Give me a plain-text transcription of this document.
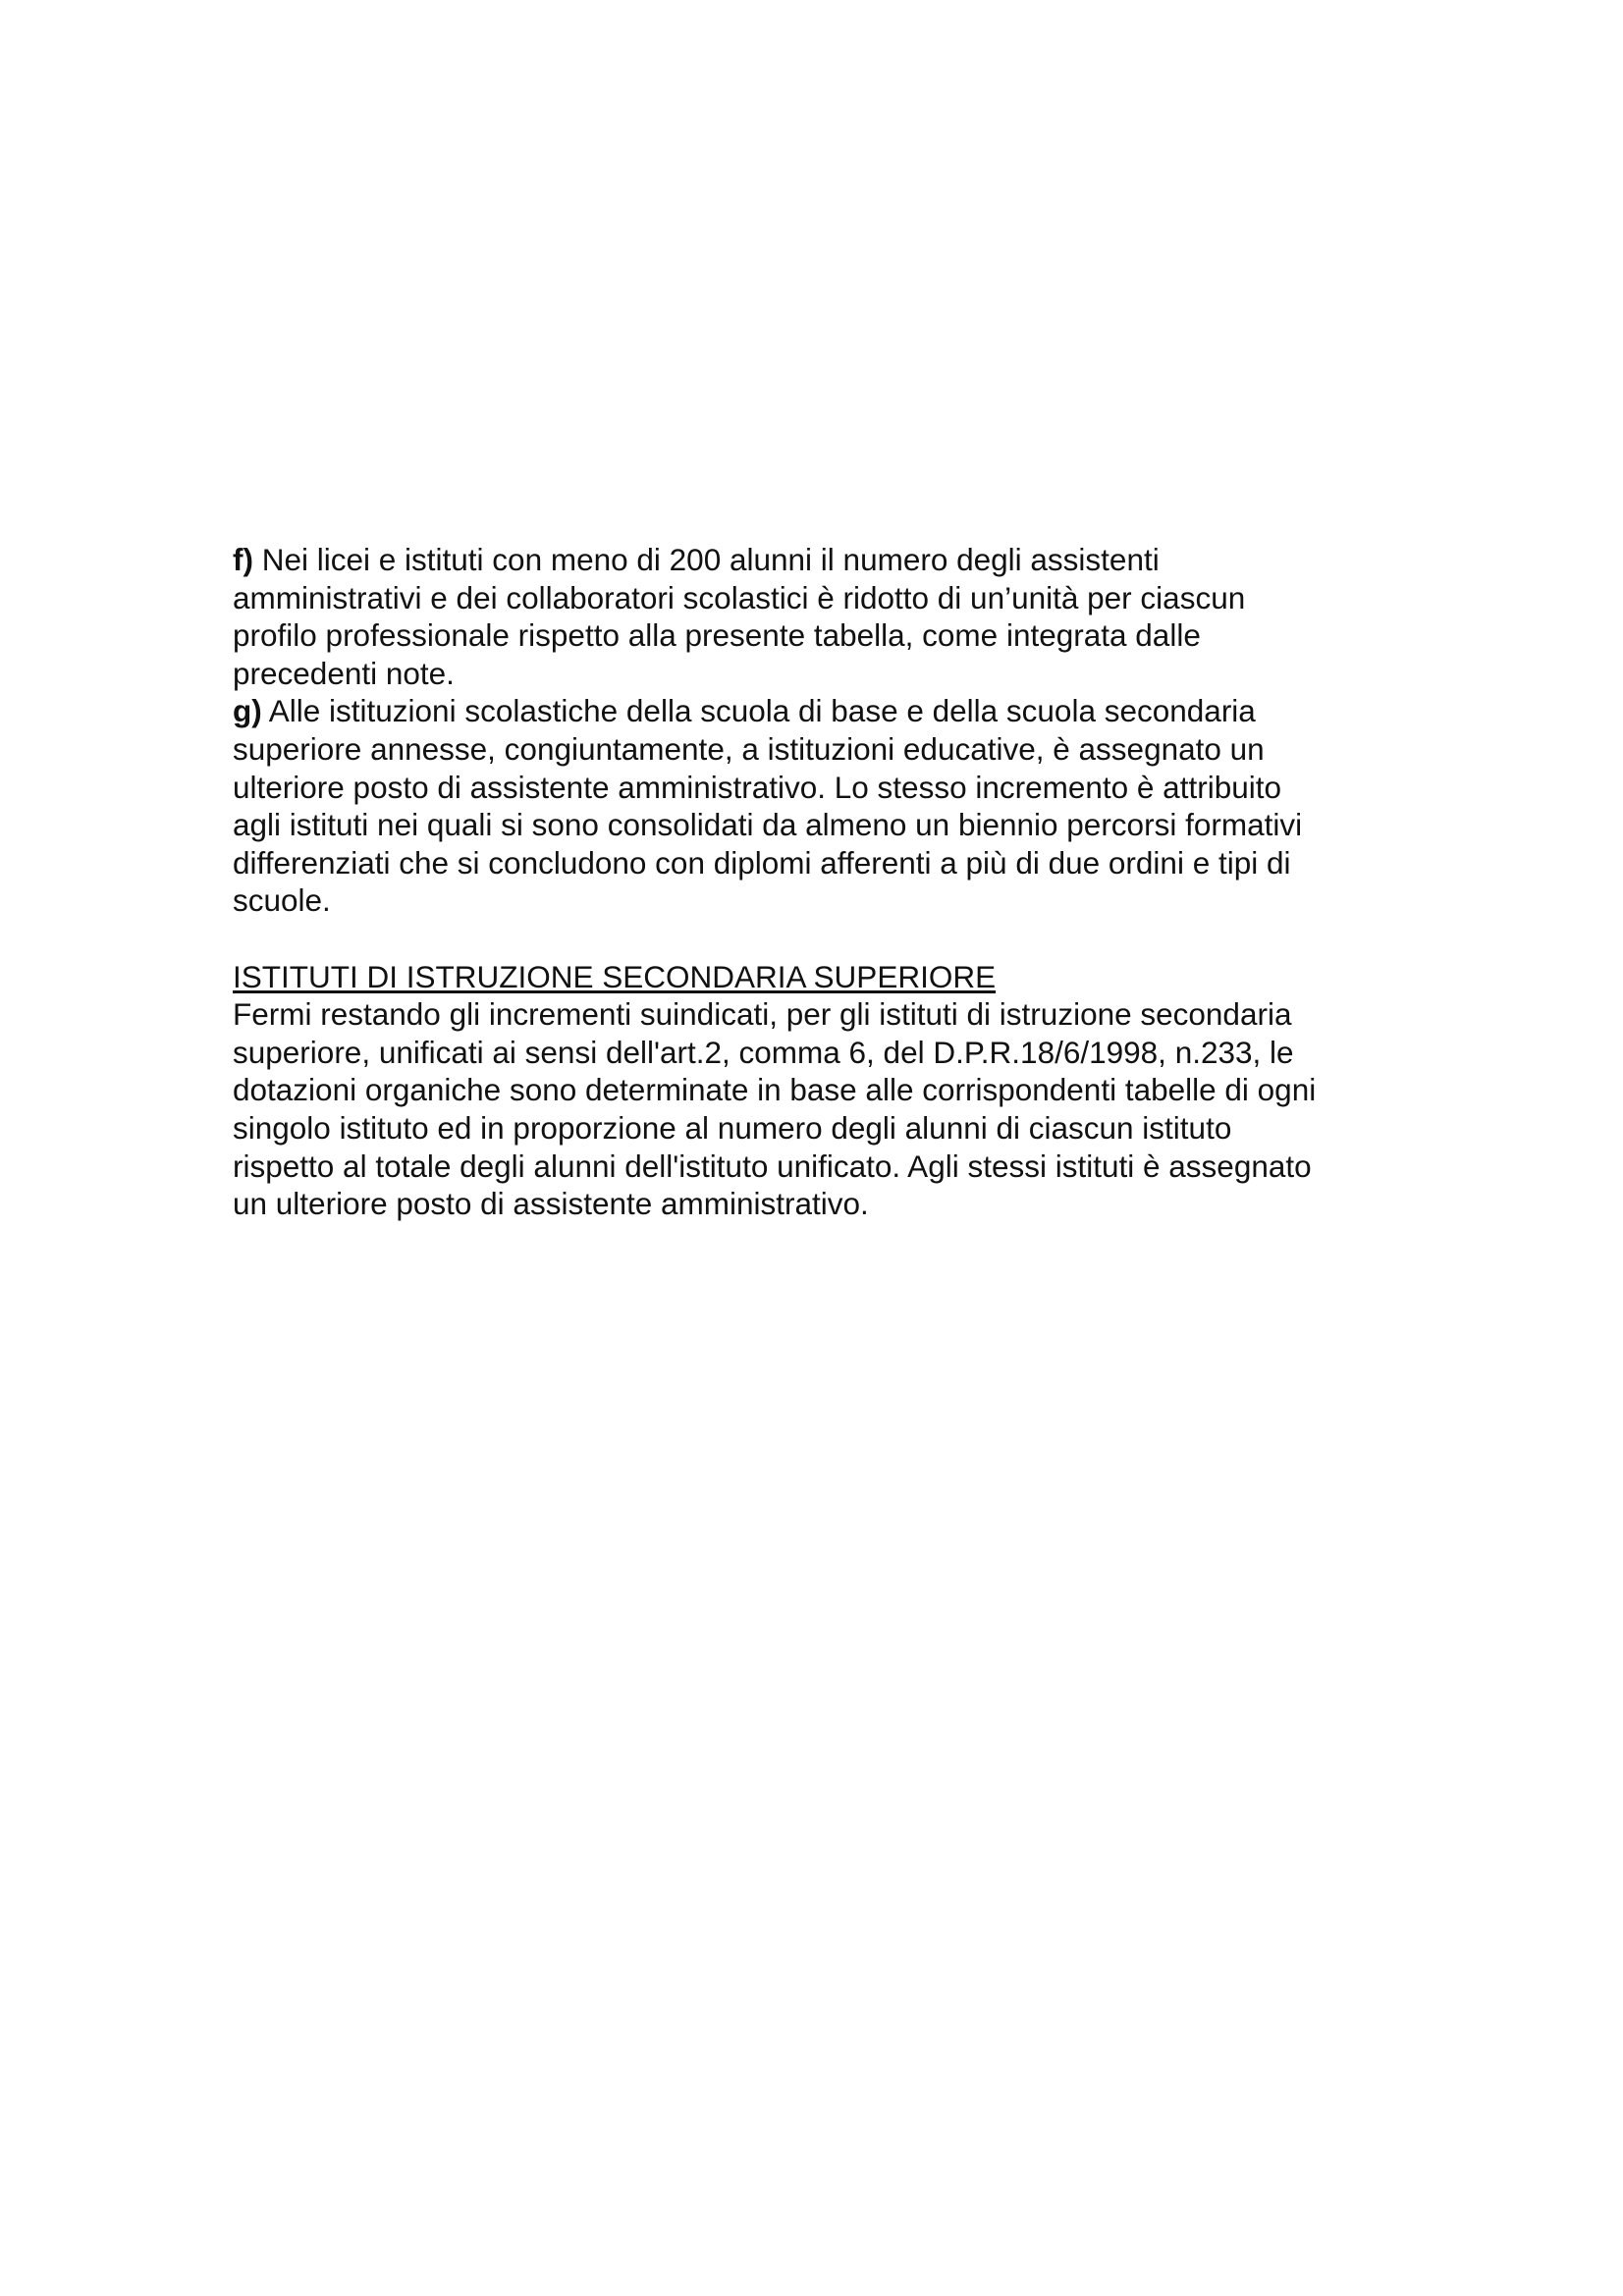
f) Nei licei e istituti con meno di 200 alunni il numero degli assistenti
amministrativi e dei collaboratori scolastici è ridotto di un’unità per ciascun
profilo professionale rispetto alla presente tabella, come integrata dalle
precedenti note.

g) Alle istituzioni scolastiche della scuola di base e della scuola secondaria
superiore annesse, congiuntamente, a istituzioni educative, è assegnato un
ulteriore posto di assistente amministrativo. Lo stesso incremento è attribuito
agli istituti nei quali si sono consolidati da almeno un biennio percorsi formativi
differenziati che si concludono con diplomi afferenti a più di due ordini e tipi di
scuole.

ISTITUTI DI ISTRUZIONE SECONDARIA SUPERIORE

Fermi restando gli incrementi suindicati, per gli istituti di istruzione secondaria
superiore, unificati ai sensi dell'art.2, comma 6, del D.P.R.18/6/1998, n.233, le
dotazioni organiche sono determinate in base alle corrispondenti tabelle di ogni
singolo istituto ed in proporzione al numero degli alunni di ciascun istituto
rispetto al totale degli alunni dell'istituto unificato. Agli stessi istituti è assegnato
un ulteriore posto di assistente amministrativo.
